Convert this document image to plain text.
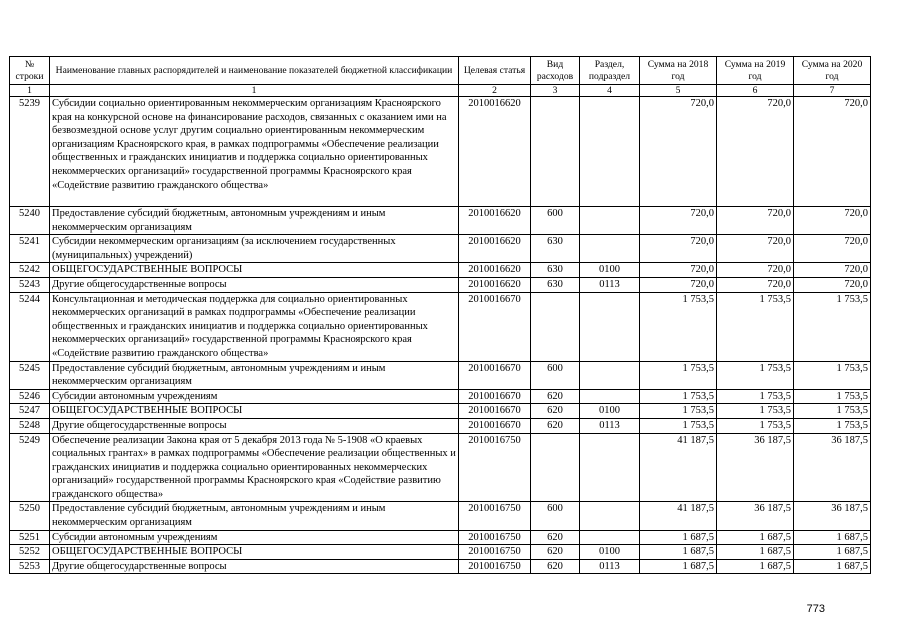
№
строки	Наименование главных распорядителей и наименование показателей бюджетной классификации	Целевая статья	Вид расходов	Раздел, подраздел	Сумма на 2018 год	Сумма на 2019 год	Сумма на 2020 год
1	1	2	3	4	5	6	7
5239	Субсидии социально ориентированным некоммерческим организациям Красноярского края на конкурсной основе на финансирование расходов, связанных с оказанием ими на безвозмездной основе услуг другим социально ориентированным некоммерческим организациям Красноярского края, в рамках подпрограммы «Обеспечение реализации общественных и гражданских инициатив и поддержка социально ориентированных некоммерческих организаций» государственной программы Красноярского края «Содействие развитию гражданского общества»	2010016620			720,0	720,0	720,0
5240	Предоставление субсидий бюджетным, автономным учреждениям и иным некоммерческим организациям	2010016620	600		720,0	720,0	720,0
5241	Субсидии некоммерческим организациям (за исключением государственных (муниципальных) учреждений)	2010016620	630		720,0	720,0	720,0
5242	ОБЩЕГОСУДАРСТВЕННЫЕ ВОПРОСЫ	2010016620	630	0100	720,0	720,0	720,0
5243	Другие общегосударственные вопросы	2010016620	630	0113	720,0	720,0	720,0
5244	Консультационная и методическая поддержка для социально ориентированных некоммерческих организаций в рамках подпрограммы «Обеспечение реализации общественных и гражданских инициатив и поддержка социально ориентированных некоммерческих организаций» государственной программы Красноярского края «Содействие развитию гражданского общества»	2010016670			1 753,5	1 753,5	1 753,5
5245	Предоставление субсидий бюджетным, автономным учреждениям и иным некоммерческим организациям	2010016670	600		1 753,5	1 753,5	1 753,5
5246	Субсидии автономным учреждениям	2010016670	620		1 753,5	1 753,5	1 753,5
5247	ОБЩЕГОСУДАРСТВЕННЫЕ ВОПРОСЫ	2010016670	620	0100	1 753,5	1 753,5	1 753,5
5248	Другие общегосударственные вопросы	2010016670	620	0113	1 753,5	1 753,5	1 753,5
5249	Обеспечение реализации Закона края от 5 декабря 2013 года № 5-1908 «О краевых социальных грантах» в рамках подпрограммы «Обеспечение реализации общественных и гражданских инициатив и поддержка социально ориентированных некоммерческих организаций» государственной программы Красноярского края «Содействие развитию гражданского общества»	2010016750			41 187,5	36 187,5	36 187,5
5250	Предоставление субсидий бюджетным, автономным учреждениям и иным некоммерческим организациям	2010016750	600		41 187,5	36 187,5	36 187,5
5251	Субсидии автономным учреждениям	2010016750	620		1 687,5	1 687,5	1 687,5
5252	ОБЩЕГОСУДАРСТВЕННЫЕ ВОПРОСЫ	2010016750	620	0100	1 687,5	1 687,5	1 687,5
5253	Другие общегосударственные вопросы	2010016750	620	0113	1 687,5	1 687,5	1 687,5
773
